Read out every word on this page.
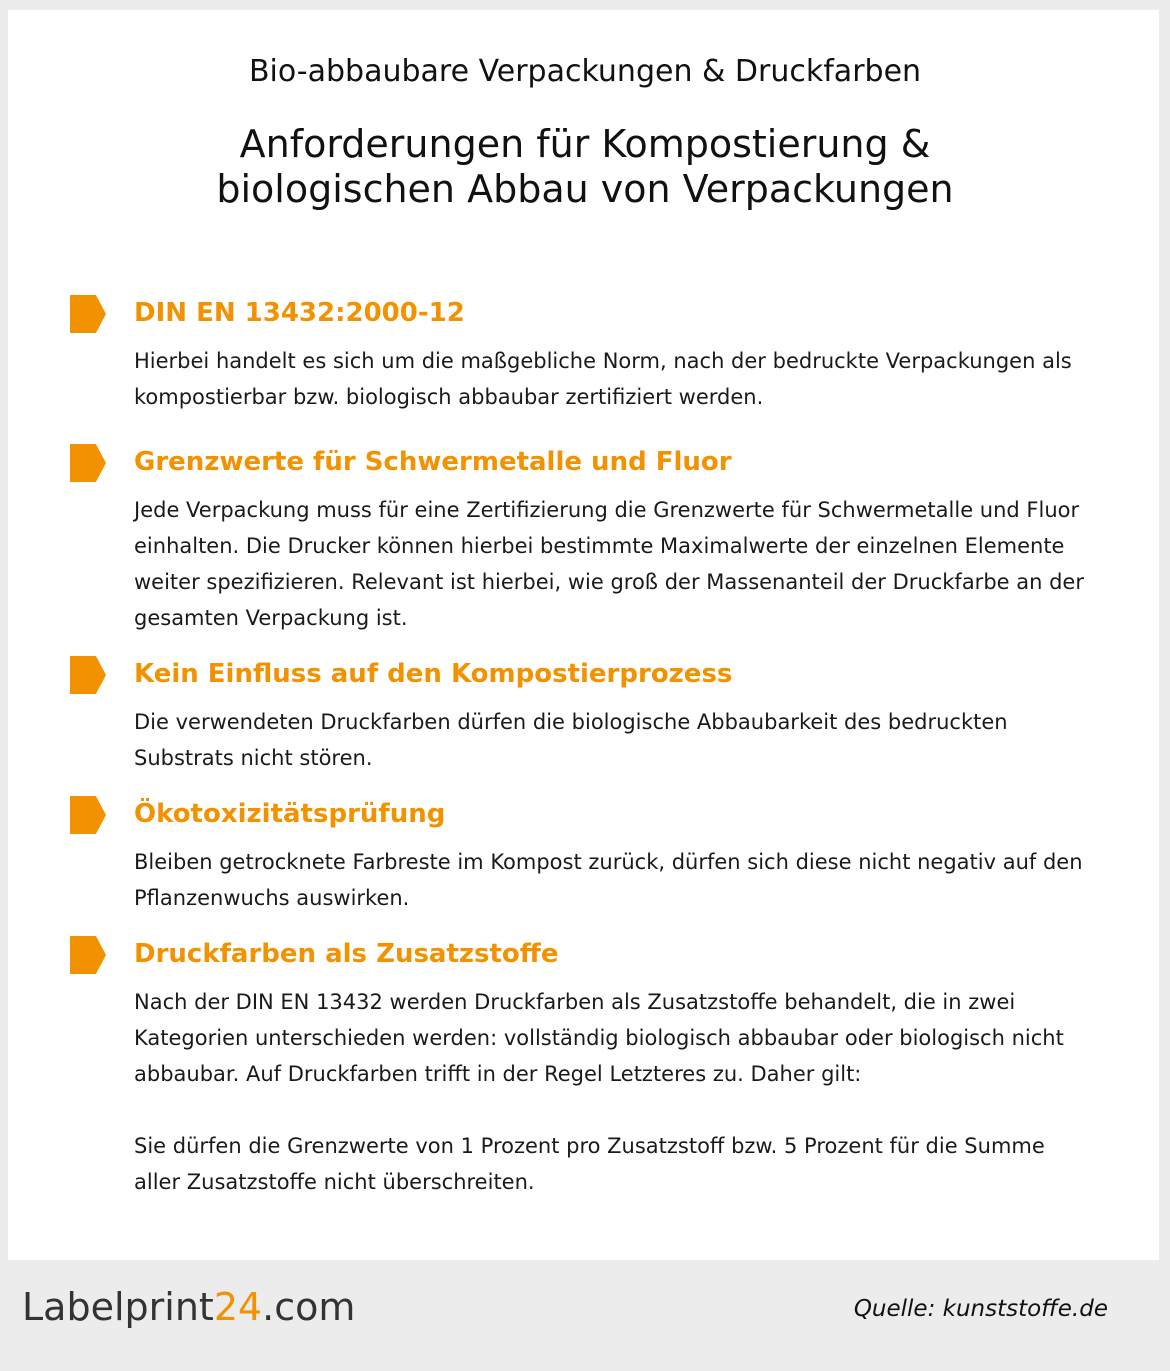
Bio-abbaubare Verpackungen & Druckfarben
Anforderungen für Kompostierung &
biologischen Abbau von Verpackungen
DIN EN 13432:2000-12

Hierbei handelt es sich um die maßgebliche Norm, nach der bedruckte Verpackungen als kompostierbar bzw. biologisch abbaubar zertifiziert werden.

Grenzwerte für Schwermetalle und Fluor

Jede Verpackung muss für eine Zertifizierung die Grenzwerte für Schwermetalle und Fluor einhalten. Die Drucker können hierbei bestimmte Maximalwerte der einzelnen Elemente weiter spezifizieren. Relevant ist hierbei, wie groß der Massenanteil der Druckfarbe an der gesamten Verpackung ist.

Kein Einfluss auf den Kompostierprozess

Die verwendeten Druckfarben dürfen die biologische Abbaubarkeit des bedruckten Substrats nicht stören.

Ökotoxizitätsprüfung

Bleiben getrocknete Farbreste im Kompost zurück, dürfen sich diese nicht negativ auf den Pflanzenwuchs auswirken.

Druckfarben als Zusatzstoffe

Nach der DIN EN 13432 werden Druckfarben als Zusatzstoffe behandelt, die in zwei Kategorien unterschieden werden: vollständig biologisch abbaubar oder biologisch nicht abbaubar. Auf Druckfarben trifft in der Regel Letzteres zu. Daher gilt:

Sie dürfen die Grenzwerte von 1 Prozent pro Zusatzstoff bzw. 5 Prozent für die Summe aller Zusatzstoffe nicht überschreiten.

Labelprint24.com	Quelle: kunststoffe.de
